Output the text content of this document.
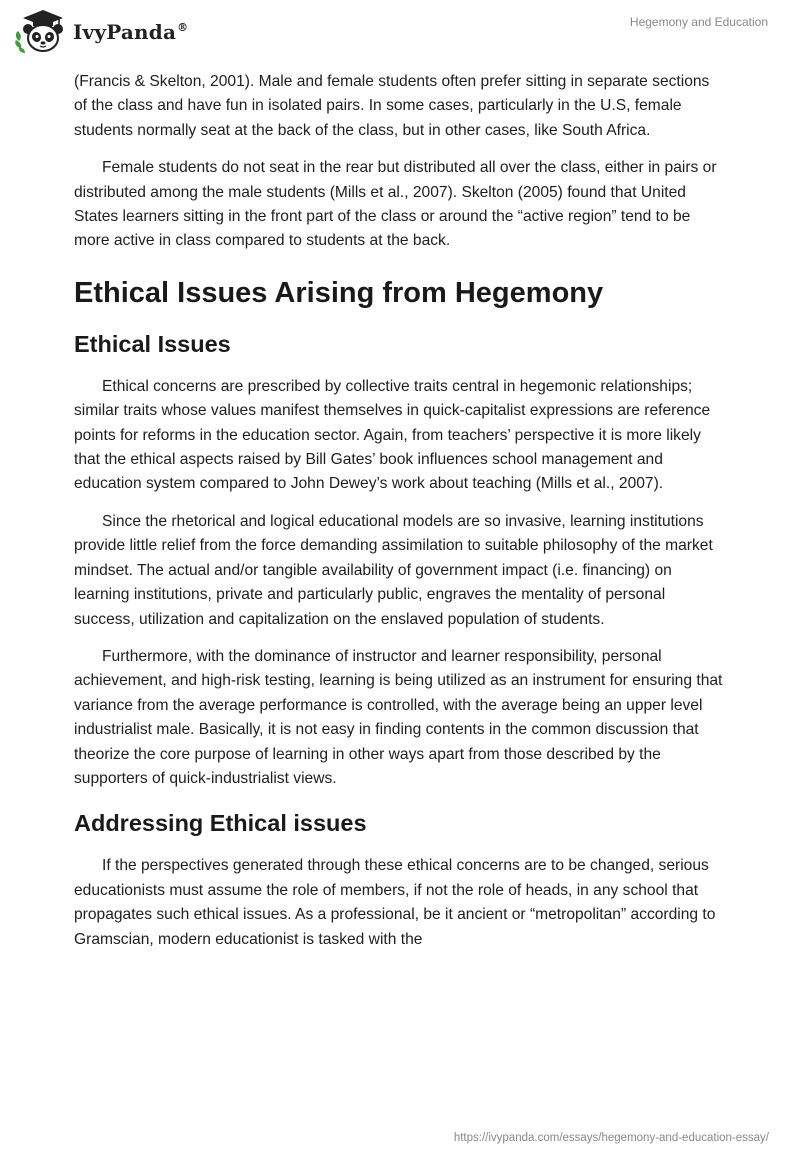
IvyPanda®	Hegemony and Education

(Francis & Skelton, 2001). Male and female students often prefer sitting in separate sections of the class and have fun in isolated pairs. In some cases, particularly in the U.S, female students normally seat at the back of the class, but in other cases, like South Africa.

Female students do not seat in the rear but distributed all over the class, either in pairs or distributed among the male students (Mills et al., 2007). Skelton (2005) found that United States learners sitting in the front part of the class or around the “active region” tend to be more active in class compared to students at the back.

Ethical Issues Arising from Hegemony
Ethical Issues

Ethical concerns are prescribed by collective traits central in hegemonic relationships; similar traits whose values manifest themselves in quick-capitalist expressions are reference points for reforms in the education sector. Again, from teachers’ perspective it is more likely that the ethical aspects raised by Bill Gates’ book influences school management and education system compared to John Dewey’s work about teaching (Mills et al., 2007).

Since the rhetorical and logical educational models are so invasive, learning institutions provide little relief from the force demanding assimilation to suitable philosophy of the market mindset. The actual and/or tangible availability of government impact (i.e. financing) on learning institutions, private and particularly public, engraves the mentality of personal success, utilization and capitalization on the enslaved population of students.

Furthermore, with the dominance of instructor and learner responsibility, personal achievement, and high-risk testing, learning is being utilized as an instrument for ensuring that variance from the average performance is controlled, with the average being an upper level industrialist male. Basically, it is not easy in finding contents in the common discussion that theorize the core purpose of learning in other ways apart from those described by the supporters of quick-industrialist views.

Addressing Ethical issues

If the perspectives generated through these ethical concerns are to be changed, serious educationists must assume the role of members, if not the role of heads, in any school that propagates such ethical issues. As a professional, be it ancient or “metropolitan” according to Gramscian, modern educationist is tasked with the

https://ivypanda.com/essays/hegemony-and-education-essay/
